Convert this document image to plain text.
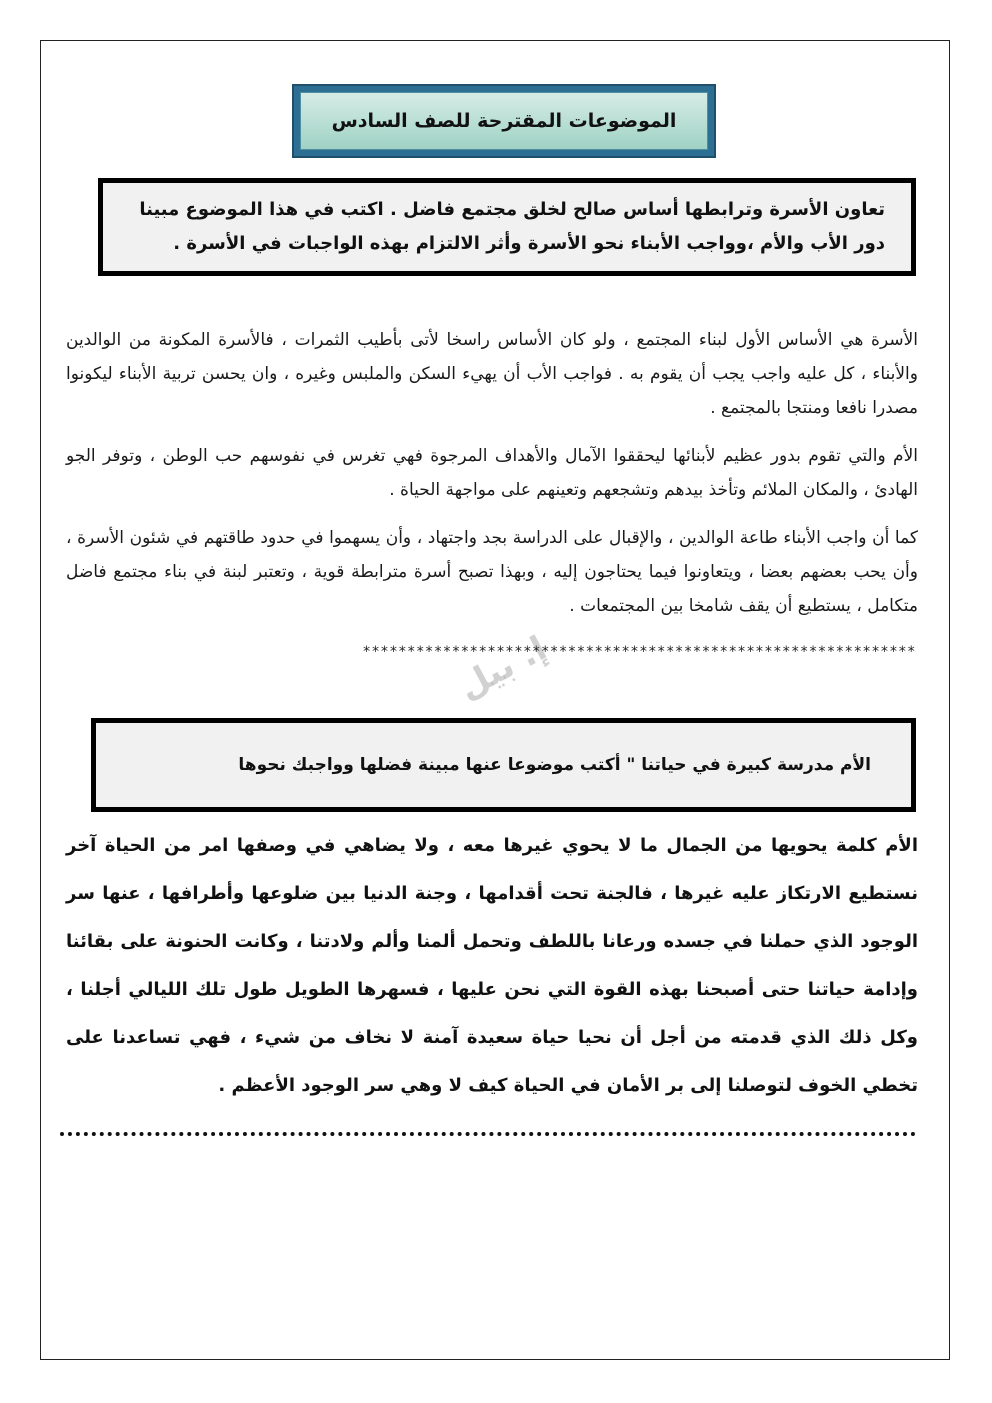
الموضوعات المقترحة للصف السادس
تعاون الأسرة وترابطها أساس صالح لخلق مجتمع فاضل . اكتب في هذا الموضوع مبينا دور الأب والأم ،وواجب الأبناء نحو الأسرة وأثر الالتزام بهذه الواجبات في الأسرة .
الأسرة هي الأساس الأول لبناء المجتمع ، ولو كان الأساس راسخا لأتى بأطيب الثمرات ، فالأسرة المكونة من الوالدين والأبناء ، كل عليه واجب يجب أن يقوم به . فواجب الأب أن يهيء السكن والملبس وغيره ، وان يحسن تربية الأبناء ليكونوا مصدرا نافعا ومنتجا بالمجتمع .
الأم والتي تقوم بدور عظيم لأبنائها ليحققوا الآمال والأهداف المرجوة فهي تغرس في نفوسهم حب الوطن ، وتوفر الجو الهادئ ، والمكان الملائم وتأخذ بيدهم وتشجعهم وتعينهم على مواجهة الحياة .
كما أن واجب الأبناء طاعة الوالدين ، والإقبال على الدراسة بجد واجتهاد ، وأن يسهموا في حدود طاقتهم في شئون الأسرة ، وأن يحب بعضهم بعضا ، ويتعاونوا فيما يحتاجون إليه ، وبهذا تصبح أسرة مترابطة قوية ، وتعتبر لبنة في بناء مجتمع فاضل متكامل ، يستطيع أن يقف شامخا بين المجتمعات .
**************************************************************
إ. بيل
الأم مدرسة كبيرة في حياتنا " أكتب موضوعا عنها مبينة فضلها وواجبك نحوها
الأم كلمة يحويها من الجمال ما لا يحوي غيرها معه ، ولا يضاهي في وصفها امر من الحياة آخر نستطيع الارتكاز عليه غيرها ، فالجنة تحت أقدامها ، وجنة الدنيا بين ضلوعها وأطرافها ، عنها سر الوجود الذي حملنا في جسده ورعانا باللطف وتحمل ألمنا وألم ولادتنا ، وكانت الحنونة على بقائنا وإدامة حياتنا حتى أصبحنا بهذه القوة التي نحن عليها ، فسهرها الطويل طول تلك الليالي أجلنا ، وكل ذلك الذي قدمته من أجل أن نحيا حياة سعيدة آمنة لا نخاف من شيء ، فهي تساعدنا على تخطي الخوف لتوصلنا إلى بر الأمان في الحياة كيف لا وهي سر الوجود الأعظم .
